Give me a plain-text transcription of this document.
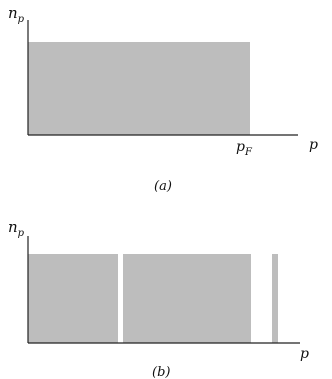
$n_p$
$p_F$	p
(a)
$n_p$
p
(b)
